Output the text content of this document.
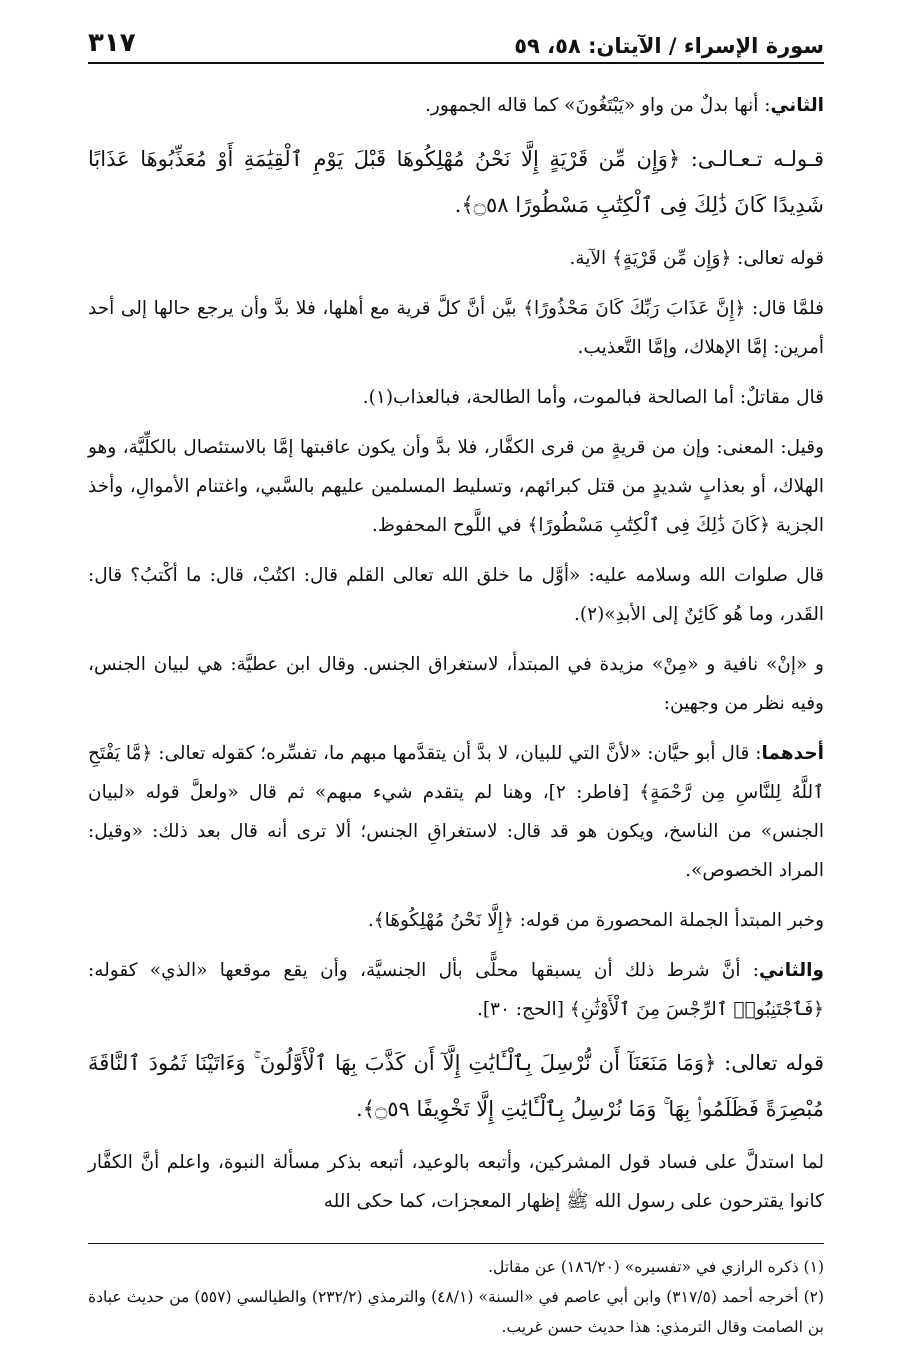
سورة الإسراء / الآيتان: ٥٨، ٥٩
٣١٧

الثاني: أنها بدلٌ من واو «يَبْتَغُونَ» كما قاله الجمهور.

قـولـه تـعـالـى: ﴿وَإِن مِّن قَرْيَةٍ إِلَّا نَحْنُ مُهْلِكُوهَا قَبْلَ يَوْمِ ٱلْقِيَٰمَةِ أَوْ مُعَذِّبُوهَا عَذَابًا شَدِيدًا كَانَ ذَٰلِكَ فِى ٱلْكِتَٰبِ مَسْطُورًا ۝٥٨﴾.

قوله تعالى: ﴿وَإِن مِّن قَرْيَةٍ﴾ الآية.

فلمَّا قال: ﴿إِنَّ عَذَابَ رَبِّكَ كَانَ مَحْذُورًا﴾ بيَّن أنَّ كلَّ قرية مع أهلها، فلا بدَّ وأن يرجع حالها إلى أحد أمرين: إمَّا الإهلاك، وإمَّا التَّعذيب.

قال مقاتلٌ: أما الصالحة فبالموت، وأما الطالحة، فبالعذاب(١).

وقيل: المعنى: وإن من قريةٍ من قرى الكفَّار، فلا بدَّ وأن يكون عاقبتها إمَّا بالاستئصال بالكلِّيَّة، وهو الهلاك، أو بعذابٍ شديدٍ من قتل كبرائهم، وتسليط المسلمين عليهم بالسَّبي، واغتنام الأموالِ، وأخذ الجزية ﴿كَانَ ذَٰلِكَ فِى ٱلْكِتَٰبِ مَسْطُورًا﴾ في اللَّوح المحفوظ.

قال صلوات الله وسلامه عليه: «أوَّل ما خلق الله تعالى القلم قال: اكتُبْ، قال: ما أكْتبُ؟ قال: القَدر، وما هُو كَائِنٌ إلى الأبدِ»(٢).

و «إنْ» نافية و «مِنْ» مزيدة في المبتدأ، لاستغراق الجنس. وقال ابن عطيَّة: هي لبيان الجنس، وفيه نظر من وجهين:

أحدهما: قال أبو حيَّان: «لأنَّ التي للبيان، لا بدَّ أن يتقدَّمها مبهم ما، تفسِّره؛ كقوله تعالى: ﴿مَّا يَفْتَحِ ٱللَّهُ لِلنَّاسِ مِن رَّحْمَةٍ﴾ [فاطر: ٢]، وهنا لم يتقدم شيء مبهم» ثم قال «ولعلَّ قوله «لبيان الجنس» من الناسخ، ويكون هو قد قال: لاستغراقِ الجنس؛ ألا ترى أنه قال بعد ذلك: «وقيل: المراد الخصوص».

وخبر المبتدأ الجملة المحصورة من قوله: ﴿إِلَّا نَحْنُ مُهْلِكُوهَا﴾.

والثاني: أنَّ شرط ذلك أن يسبقها محلًّى بأل الجنسيَّة، وأن يقع موقعها «الذي» كقوله: ﴿فَٱجْتَنِبُوا۟ ٱلرِّجْسَ مِنَ ٱلْأَوْثَٰنِ﴾ [الحج: ٣٠].

قوله تعالى: ﴿وَمَا مَنَعَنَآ أَن نُّرْسِلَ بِٱلْـَٔايَٰتِ إِلَّآ أَن كَذَّبَ بِهَا ٱلْأَوَّلُونَ ۚ وَءَاتَيْنَا ثَمُودَ ٱلنَّاقَةَ مُبْصِرَةً فَظَلَمُوا۟ بِهَا ۚ وَمَا نُرْسِلُ بِٱلْـَٔايَٰتِ إِلَّا تَخْوِيفًا ۝٥٩﴾.

لما استدلَّ على فساد قول المشركين، وأتبعه بالوعيد، أتبعه بذكر مسألة النبوة، واعلم أنَّ الكفَّار كانوا يقترحون على رسول الله ﷺ إظهار المعجزات، كما حكى الله

(١) ذكره الرازي في «تفسيره» (١٨٦/٢٠) عن مقاتل.

(٢) أخرجه أحمد (٣١٧/٥) وابن أبي عاصم في «السنة» (٤٨/١) والترمذي (٢٣٢/٢) والطيالسي (٥٥٧) من حديث عبادة بن الصامت وقال الترمذي: هذا حديث حسن غريب.
